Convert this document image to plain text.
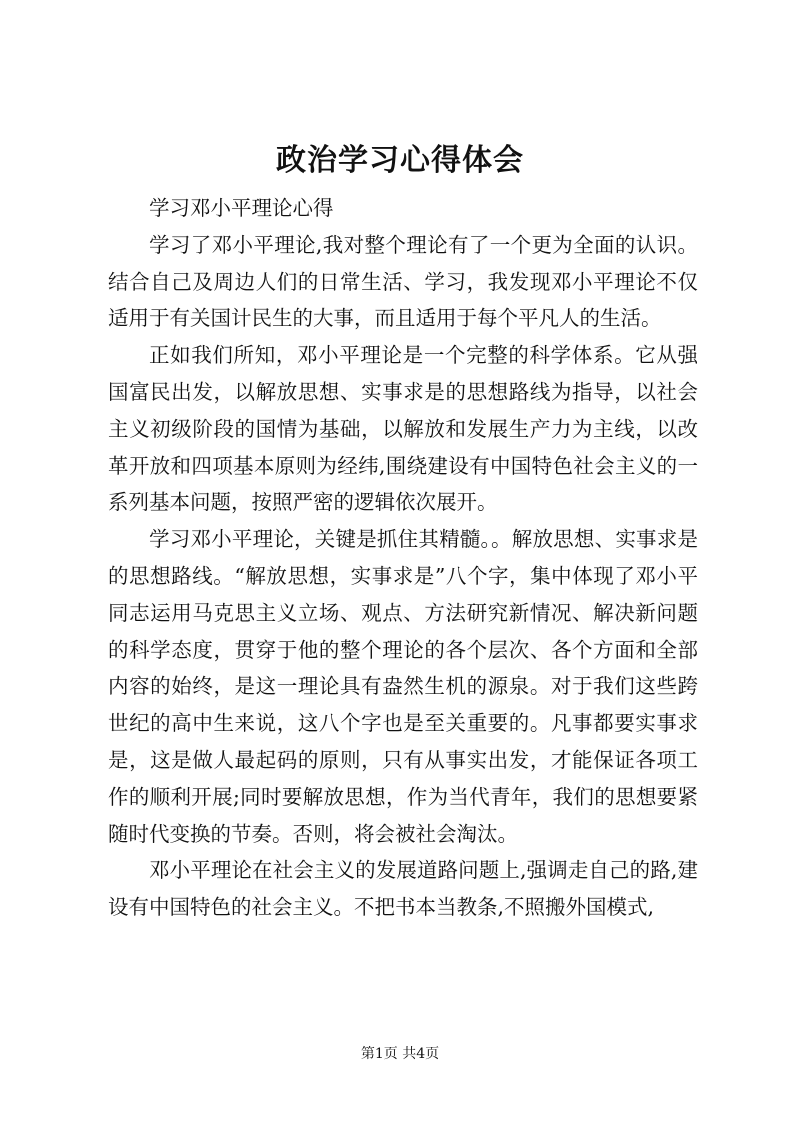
政治学习心得体会

学习邓小平理论心得

学习了邓小平理论,我对整个理论有了一个更为全面的认识。结合自己及周边人们的日常生活、学习，我发现邓小平理论不仅适用于有关国计民生的大事，而且适用于每个平凡人的生活。

正如我们所知，邓小平理论是一个完整的科学体系。它从强国富民出发，以解放思想、实事求是的思想路线为指导，以社会主义初级阶段的国情为基础，以解放和发展生产力为主线，以改革开放和四项基本原则为经纬,围绕建设有中国特色社会主义的一系列基本问题，按照严密的逻辑依次展开。

学习邓小平理论，关键是抓住其精髓。。解放思想、实事求是的思想路线。“解放思想，实事求是”八个字，集中体现了邓小平同志运用马克思主义立场、观点、方法研究新情况、解决新问题的科学态度，贯穿于他的整个理论的各个层次、各个方面和全部内容的始终，是这一理论具有盎然生机的源泉。对于我们这些跨世纪的高中生来说，这八个字也是至关重要的。凡事都要实事求是，这是做人最起码的原则，只有从事实出发，才能保证各项工作的顺利开展;同时要解放思想，作为当代青年，我们的思想要紧随时代变换的节奏。否则，将会被社会淘汰。

邓小平理论在社会主义的发展道路问题上,强调走自己的路,建设有中国特色的社会主义。不把书本当教条,不照搬外国模式,

第1页 共4页
